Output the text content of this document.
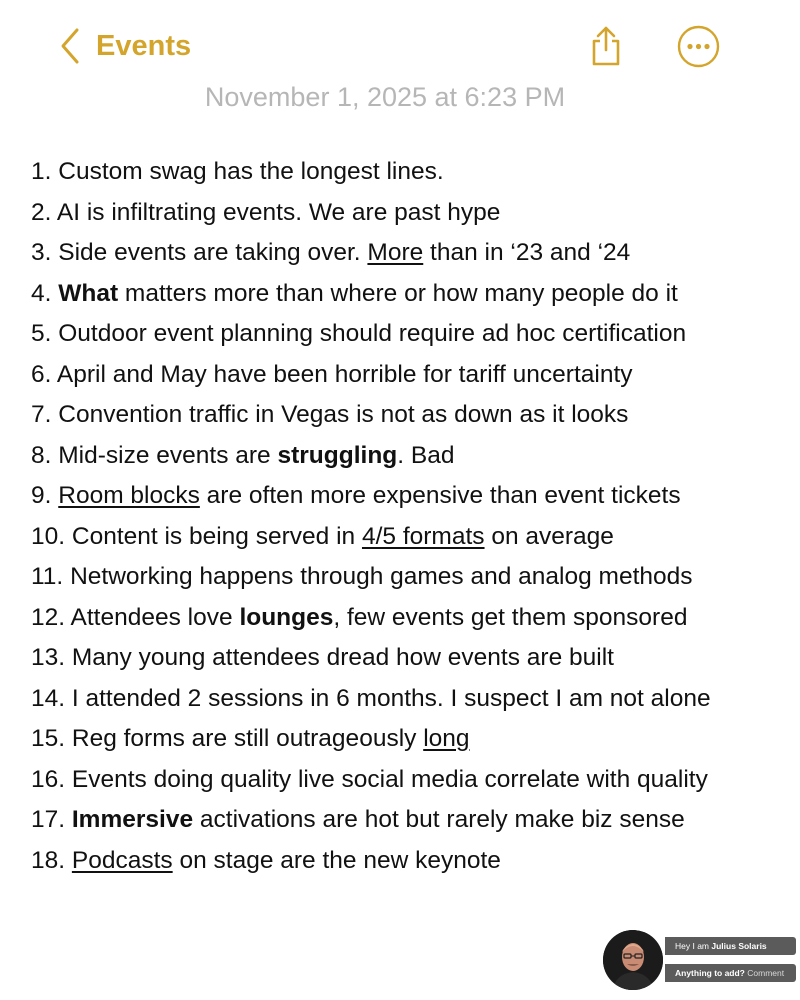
Events
November 1, 2025 at 6:23 PM
1. Custom swag has the longest lines.
2. AI is infiltrating events. We are past hype
3. Side events are taking over. More than in ‘23 and ‘24
4. What matters more than where or how many people do it
5. Outdoor event planning should require ad hoc certification
6. April and May have been horrible for tariff uncertainty
7. Convention traffic in Vegas is not as down as it looks
8. Mid-size events are struggling. Bad
9. Room blocks are often more expensive than event tickets
10. Content is being served in 4/5 formats on average
11. Networking happens through games and analog methods
12. Attendees love lounges, few events get them sponsored
13. Many young attendees dread how events are built
14. I attended 2 sessions in 6 months. I suspect I am not alone
15. Reg forms are still outrageously long
16. Events doing quality live social media correlate with quality
17. Immersive activations are hot but rarely make biz sense
18. Podcasts on stage are the new keynote
Hey I am Julius Solaris
Anything to add? Comment
